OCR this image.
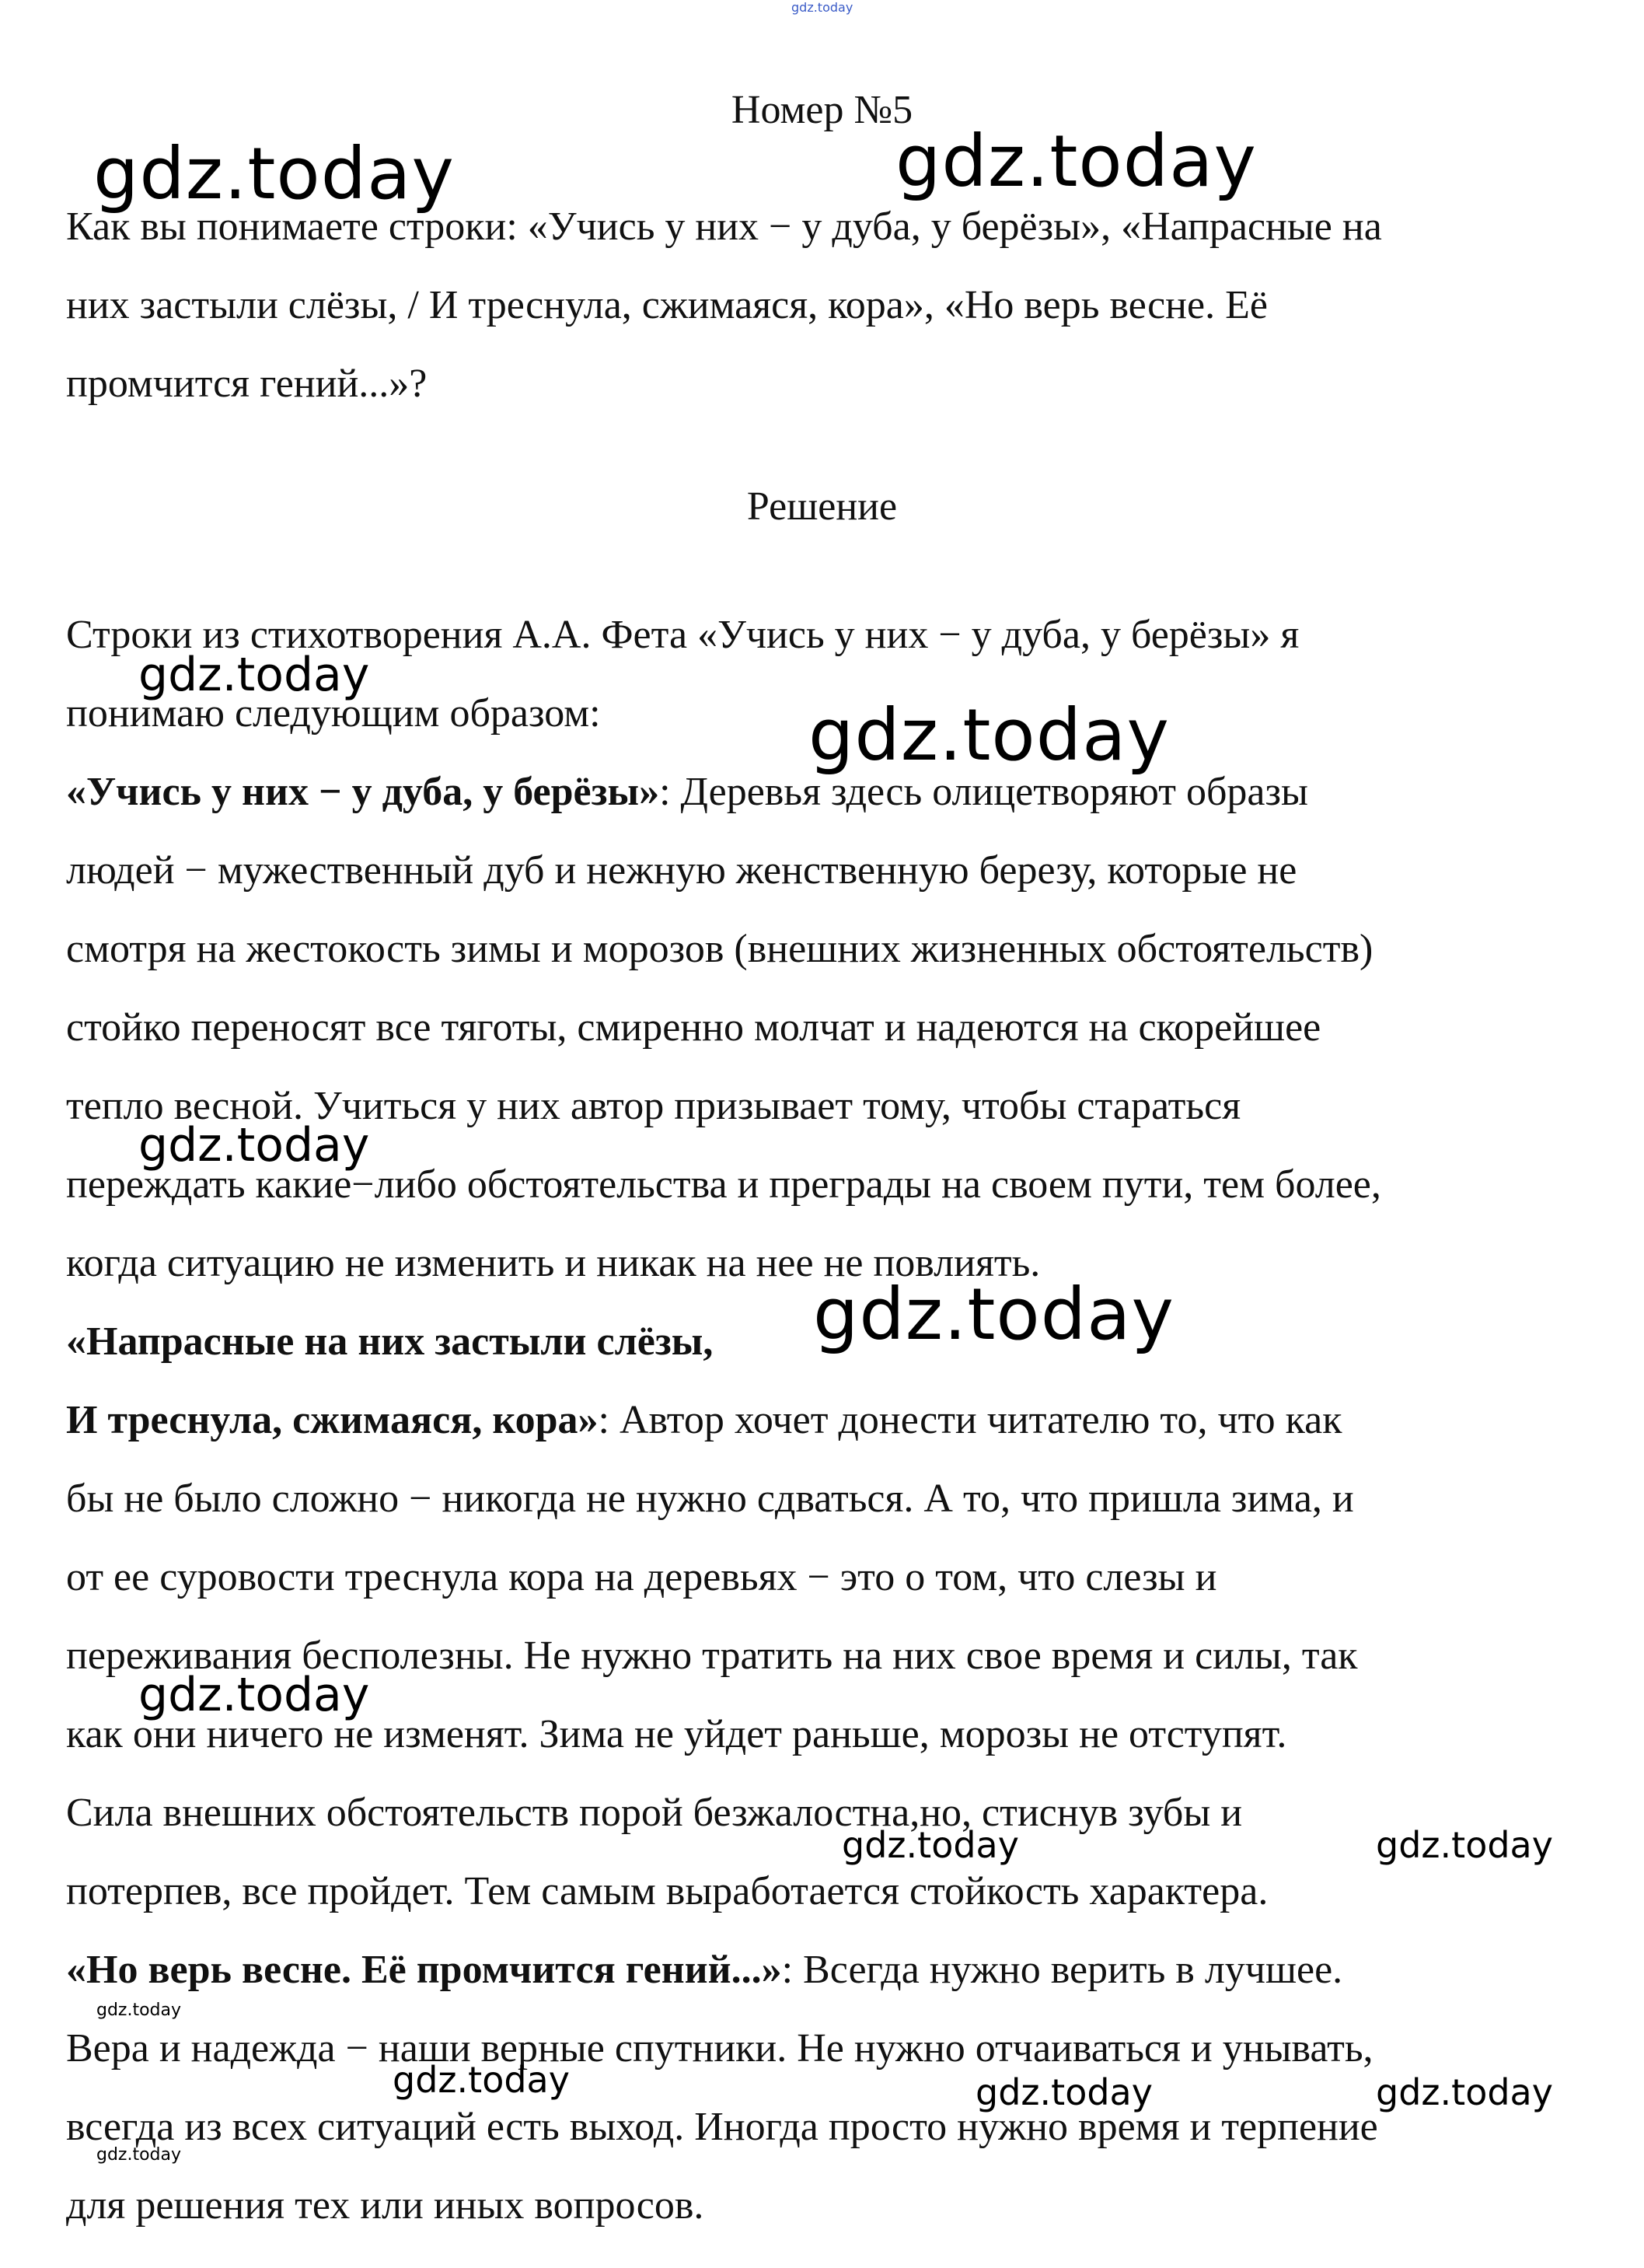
gdz.today
Номер №5
Как вы понимаете строки: «Учись у них − у дуба, у берёзы», «Напрасные на
них застыли слёзы, / И треснула, сжимаяся, кора», «Но верь весне. Её
промчится гений...»?
Решение
Строки из стихотворения А.А. Фета «Учись у них − у дуба, у берёзы» я
понимаю следующим образом:
«Учись у них − у дуба, у берёзы»: Деревья здесь олицетворяют образы
людей − мужественный дуб и нежную женственную березу, которые не
смотря на жестокость зимы и морозов (внешних жизненных обстоятельств)
стойко переносят все тяготы, смиренно молчат и надеются на скорейшее
тепло весной. Учиться у них автор призывает тому, чтобы стараться
переждать какие−либо обстоятельства и преграды на своем пути, тем более,
когда ситуацию не изменить и никак на нее не повлиять.
«Напрасные на них застыли слёзы,
И треснула, сжимаяся, кора»: Автор хочет донести читателю то, что как
бы не было сложно − никогда не нужно сдваться. А то, что пришла зима, и
от ее суровости треснула кора на деревьях − это о том, что слезы и
переживания бесполезны. Не нужно тратить на них свое время и силы, так
как они ничего не изменят. Зима не уйдет раньше, морозы не отступят.
Сила внешних обстоятельств порой безжалостна,но, стиснув зубы и
потерпев, все пройдет. Тем самым выработается стойкость характера.
«Но верь весне. Её промчится гений...»: Всегда нужно верить в лучшее.
Вера и надежда − наши верные спутники. Не нужно отчаиваться и унывать,
всегда из всех ситуаций есть выход. Иногда просто нужно время и терпение
для решения тех или иных вопросов.
gdz.today	gdz.today
gdz.today
gdz.today
gdz.today
gdz.today
gdz.today
gdz.today	gdz.today
gdz.today	gdz.today	gdz.today
gdz.today
gdz.today
